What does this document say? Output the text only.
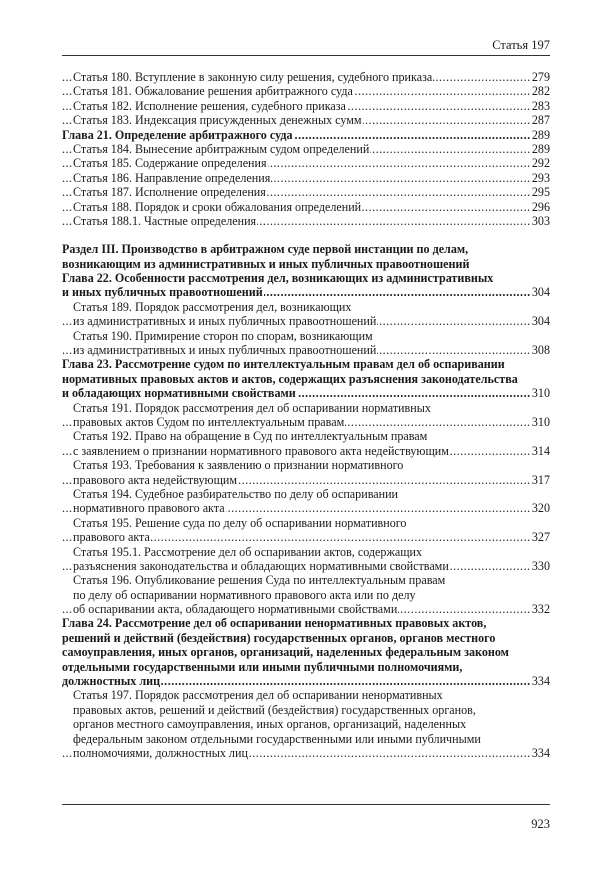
Статья 197
Статья 180. Вступление в законную силу решения, судебного приказа	279
.....
Статья 181. Обжалование решения арбитражного суда	282
.....
Статья 182. Исполнение решения, судебного приказа	283
.....
Статья 183. Индексация присужденных денежных сумм	287
.....
Глава 21. Определение арбитражного суда	289
.....
Статья 184. Вынесение арбитражным судом определений	289
.....
Статья 185. Содержание определения	292
.....
Статья 186. Направление определения	293
.....
Статья 187. Исполнение определения	295
.....
Статья 188. Порядок и сроки обжалования определений	296
.....
Статья 188.1. Частные определения	303
.....
Раздел III. Производство в арбитражном суде первой инстанции по делам,
возникающим из административных и иных публичных правоотношений
Глава 22. Особенности рассмотрения дел, возникающих из административных
и иных публичных правоотношений	304
.....
Статья 189. Порядок рассмотрения дел, возникающих
из административных и иных публичных правоотношений	304
.....
Статья 190. Примирение сторон по спорам, возникающим
из административных и иных публичных правоотношений	308
.....
Глава 23. Рассмотрение судом по интеллектуальным правам дел об оспаривании
нормативных правовых актов и актов, содержащих разъяснения законодательства
и обладающих нормативными свойствами	310
.....
Статья 191. Порядок рассмотрения дел об оспаривании нормативных
правовых актов Судом по интеллектуальным правам	310
.....
Статья 192. Право на обращение в Суд по интеллектуальным правам
с заявлением о признании нормативного правового акта недействующим	314
.....
Статья 193. Требования к заявлению о признании нормативного
правового акта недействующим	317
.....
Статья 194. Судебное разбирательство по делу об оспаривании
нормативного правового акта	320
.....
Статья 195. Решение суда по делу об оспаривании нормативного
правового акта	327
.....
Статья 195.1. Рассмотрение дел об оспаривании актов, содержащих
разъяснения законодательства и обладающих нормативными свойствами	330
.....
Статья 196. Опубликование решения Суда по интеллектуальным правам
по делу об оспаривании нормативного правового акта или по делу
об оспаривании акта, обладающего нормативными свойствами	332
.....
Глава 24. Рассмотрение дел об оспаривании ненормативных правовых актов,
решений и действий (бездействия) государственных органов, органов местного
самоуправления, иных органов, организаций, наделенных федеральным законом
отдельными государственными или иными публичными полномочиями,
должностных лиц	334
.....
Статья 197. Порядок рассмотрения дел об оспаривании ненормативных
правовых актов, решений и действий (бездействия) государственных органов,
органов местного самоуправления, иных органов, организаций, наделенных
федеральным законом отдельными государственными или иными публичными
полномочиями, должностных лиц	334
.....
923
